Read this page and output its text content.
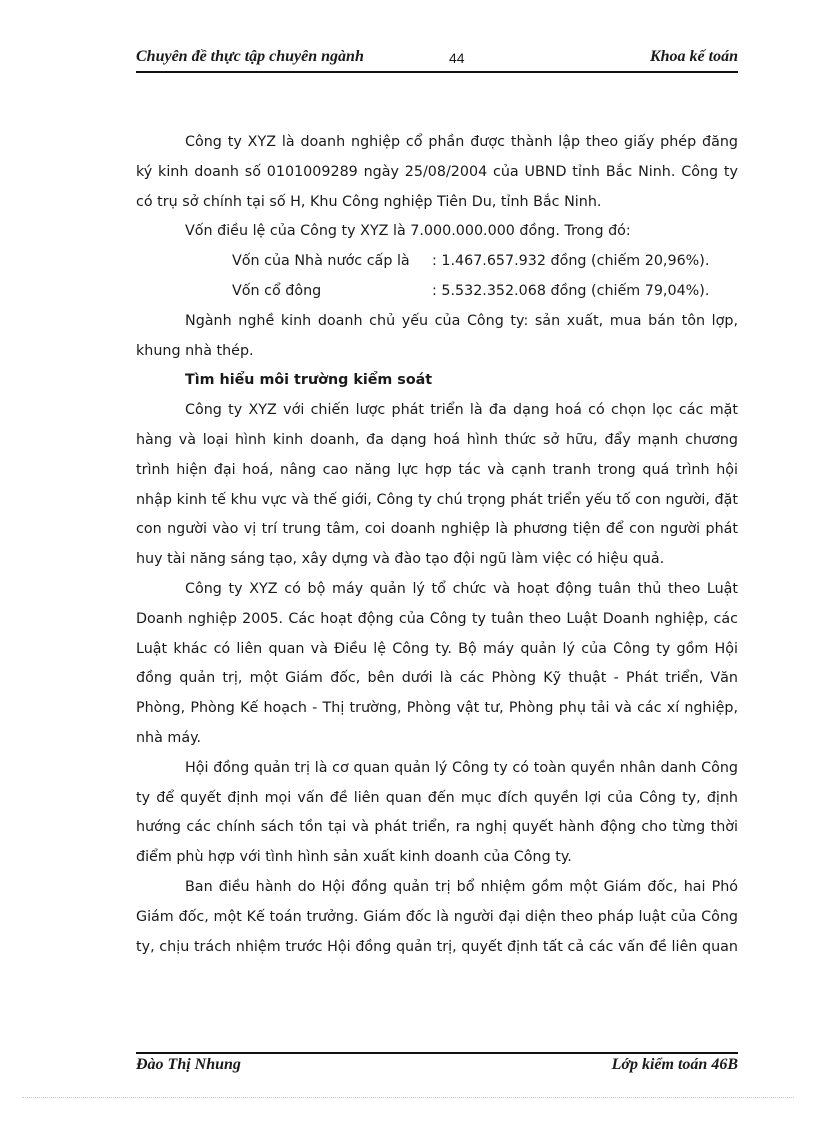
Chuyên đề thực tập chuyên ngành	44	Khoa kế toán

Công ty XYZ là doanh nghiệp cổ phần được thành lập theo giấy phép đăng ký kinh doanh số 0101009289 ngày 25/08/2004 của UBND tỉnh Bắc Ninh. Công ty có trụ sở chính tại số H, Khu Công nghiệp Tiên Du, tỉnh Bắc Ninh.

Vốn điều lệ của Công ty XYZ là 7.000.000.000 đồng. Trong đó:

Vốn của Nhà nước cấp là : 1.467.657.932 đồng (chiếm 20,96%).
Vốn cổ đông	: 5.532.352.068 đồng (chiếm 79,04%).

Ngành nghề kinh doanh chủ yếu của Công ty: sản xuất, mua bán tôn lợp, khung nhà thép.

Tìm hiểu môi trường kiểm soát

Công ty XYZ với chiến lược phát triển là đa dạng hoá có chọn lọc các mặt hàng và loại hình kinh doanh, đa dạng hoá hình thức sở hữu, đẩy mạnh chương trình hiện đại hoá, nâng cao năng lực hợp tác và cạnh tranh trong quá trình hội nhập kinh tế khu vực và thế giới, Công ty chú trọng phát triển yếu tố con người, đặt con người vào vị trí trung tâm, coi doanh nghiệp là phương tiện để con người phát huy tài năng sáng tạo, xây dựng và đào tạo đội ngũ làm việc có hiệu quả.

Công ty XYZ có bộ máy quản lý tổ chức và hoạt động tuân thủ theo Luật Doanh nghiệp 2005. Các hoạt động của Công ty tuân theo Luật Doanh nghiệp, các Luật khác có liên quan và Điều lệ Công ty. Bộ máy quản lý của Công ty gồm Hội đồng quản trị, một Giám đốc, bên dưới là các Phòng Kỹ thuật - Phát triển, Văn Phòng, Phòng Kế hoạch - Thị trường, Phòng vật tư, Phòng phụ tải và các xí nghiệp, nhà máy.

Hội đồng quản trị là cơ quan quản lý Công ty có toàn quyền nhân danh Công ty để quyết định mọi vấn đề liên quan đến mục đích quyền lợi của Công ty, định hướng các chính sách tồn tại và phát triển, ra nghị quyết hành động cho từng thời điểm phù hợp với tình hình sản xuất kinh doanh của Công ty.

Ban điều hành do Hội đồng quản trị bổ nhiệm gồm một Giám đốc, hai Phó Giám đốc, một Kế toán trưởng. Giám đốc là người đại diện theo pháp luật của Công ty, chịu trách nhiệm trước Hội đồng quản trị, quyết định tất cả các vấn đề liên quan

Đào Thị Nhung	Lớp kiểm toán 46B
